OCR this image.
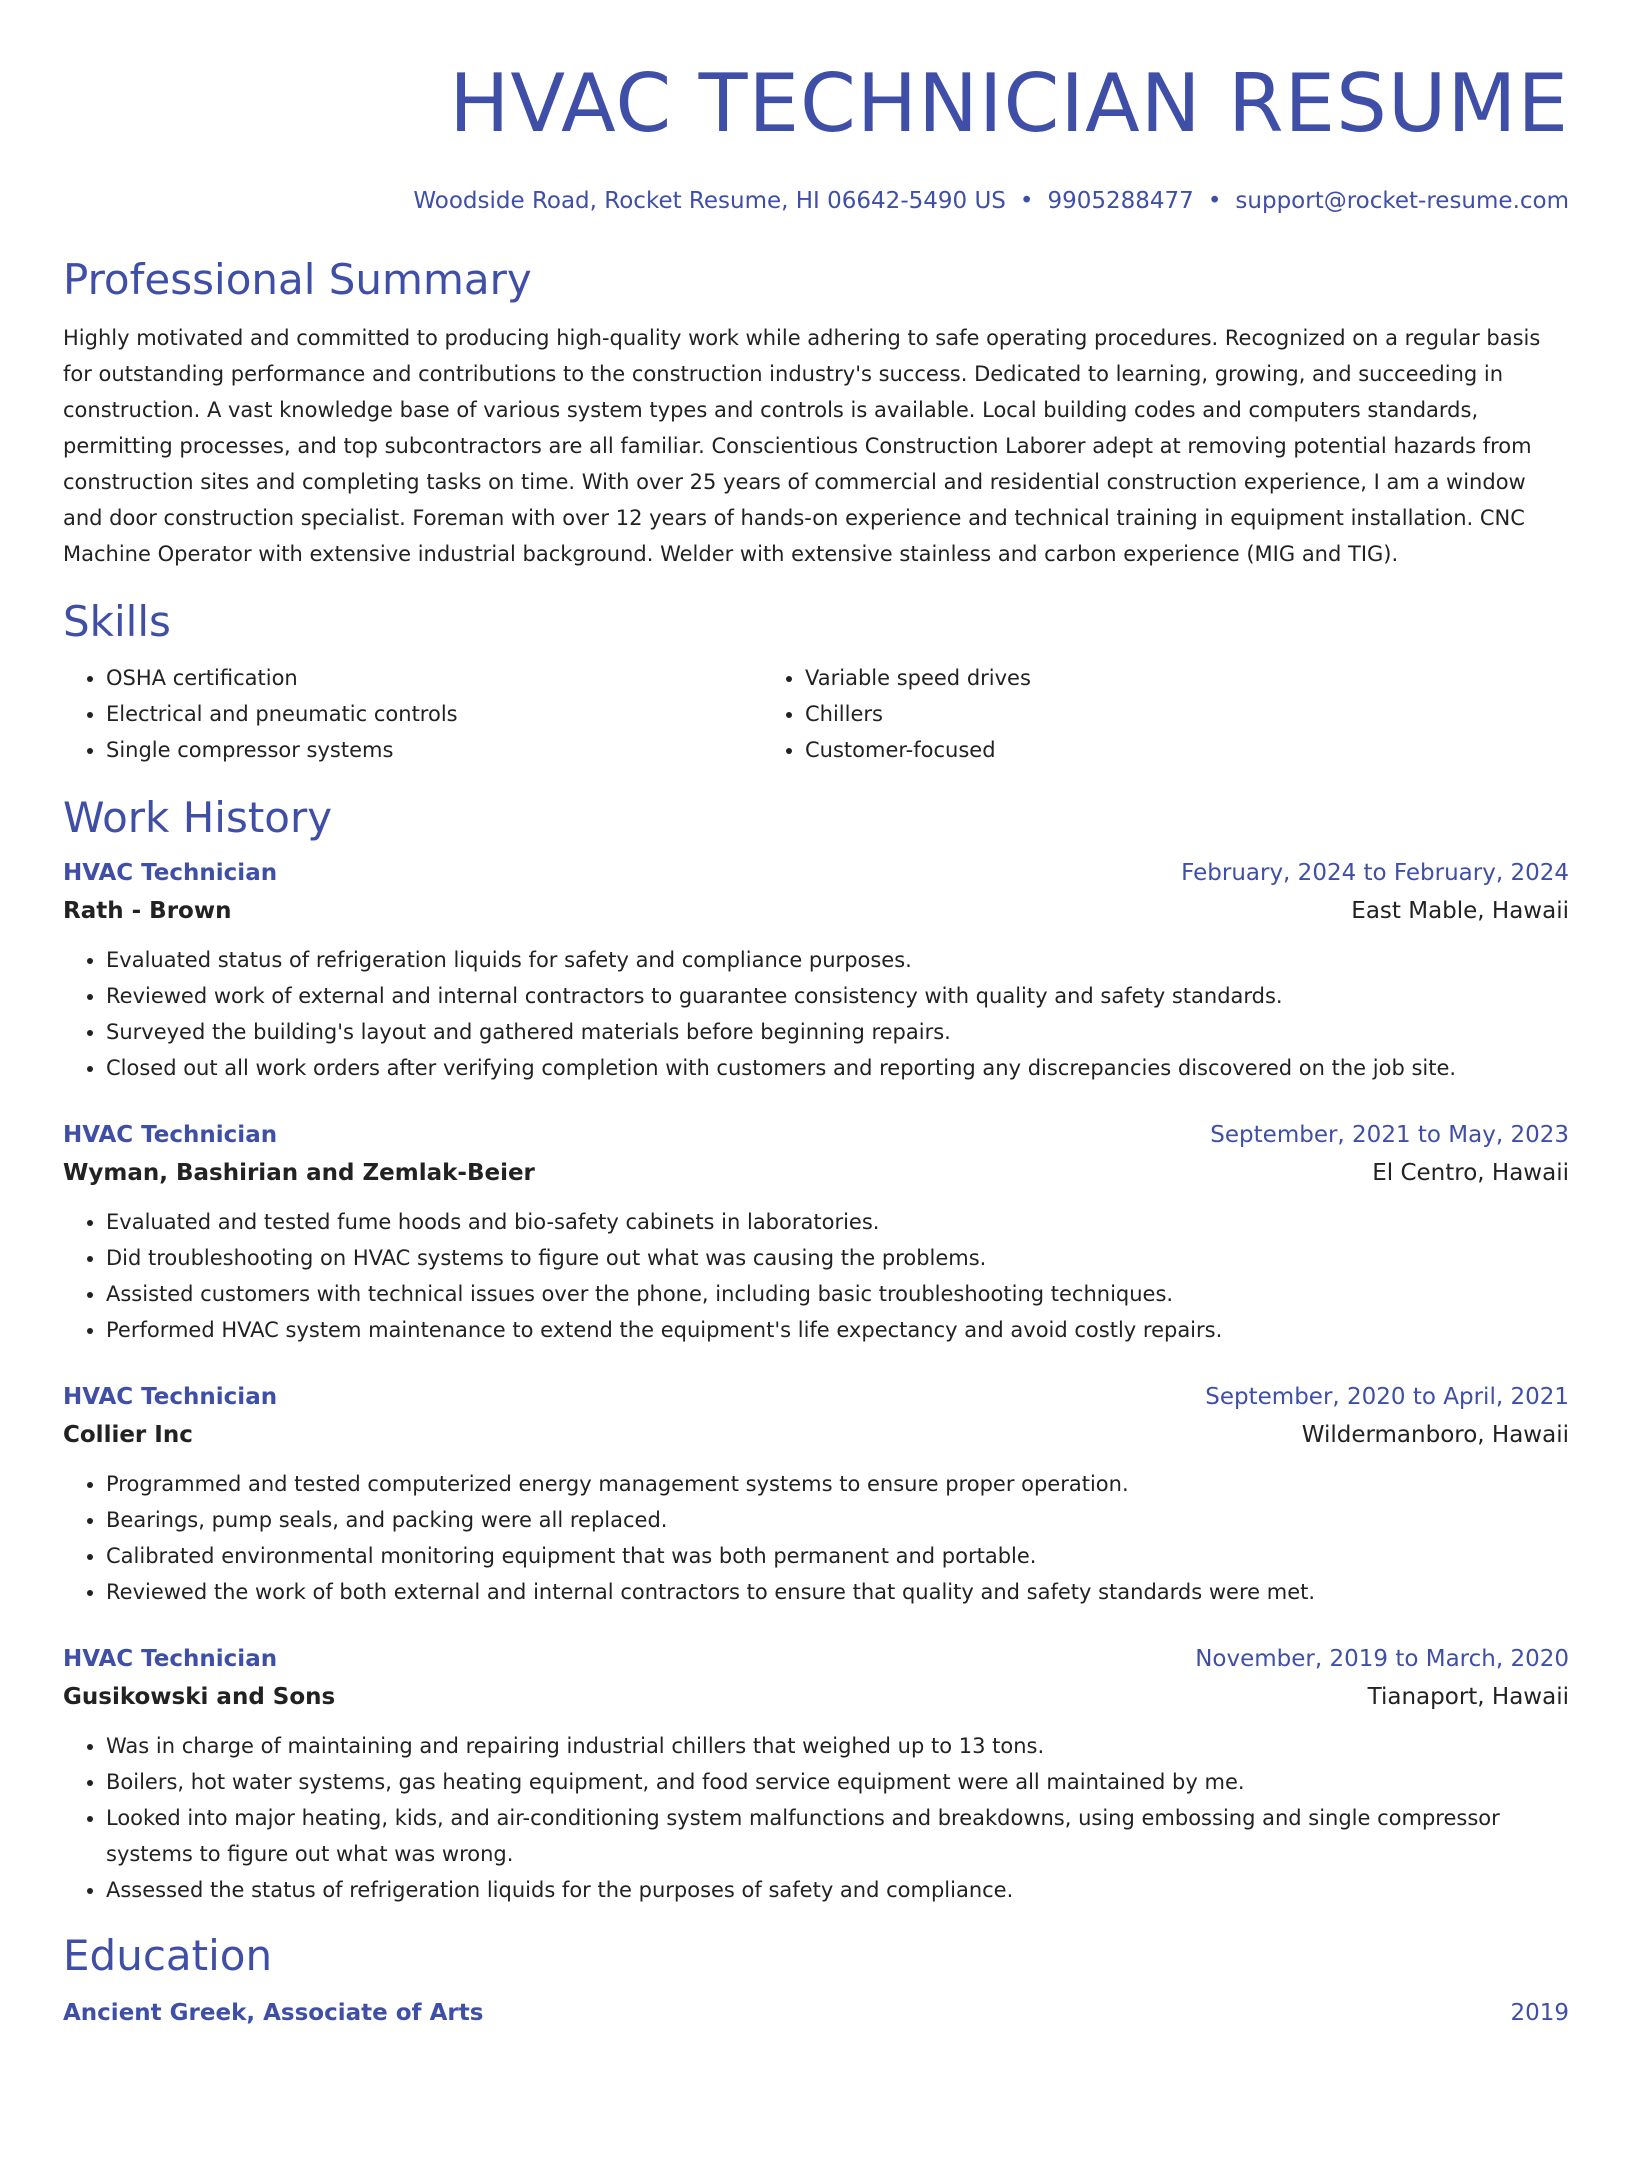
HVAC TECHNICIAN RESUME
Woodside Road, Rocket Resume, HI 06642-5490 US • 9905288477 • support@rocket-resume.com
Professional Summary
Highly motivated and committed to producing high-quality work while adhering to safe operating procedures. Recognized on a regular basis for outstanding performance and contributions to the construction industry's success. Dedicated to learning, growing, and succeeding in construction. A vast knowledge base of various system types and controls is available. Local building codes and computers standards, permitting processes, and top subcontractors are all familiar. Conscientious Construction Laborer adept at removing potential hazards from construction sites and completing tasks on time. With over 25 years of commercial and residential construction experience, I am a window and door construction specialist. Foreman with over 12 years of hands-on experience and technical training in equipment installation. CNC Machine Operator with extensive industrial background. Welder with extensive stainless and carbon experience (MIG and TIG).
Skills
• OSHA certification
• Electrical and pneumatic controls
• Single compressor systems
• Variable speed drives
• Chillers
• Customer-focused
Work History
HVAC Technician	February, 2024 to February, 2024
Rath - Brown	East Mable, Hawaii
• Evaluated status of refrigeration liquids for safety and compliance purposes.
• Reviewed work of external and internal contractors to guarantee consistency with quality and safety standards.
• Surveyed the building's layout and gathered materials before beginning repairs.
• Closed out all work orders after verifying completion with customers and reporting any discrepancies discovered on the job site.
HVAC Technician	September, 2021 to May, 2023
Wyman, Bashirian and Zemlak-Beier	El Centro, Hawaii
• Evaluated and tested fume hoods and bio-safety cabinets in laboratories.
• Did troubleshooting on HVAC systems to figure out what was causing the problems.
• Assisted customers with technical issues over the phone, including basic troubleshooting techniques.
• Performed HVAC system maintenance to extend the equipment's life expectancy and avoid costly repairs.
HVAC Technician	September, 2020 to April, 2021
Collier Inc	Wildermanboro, Hawaii
• Programmed and tested computerized energy management systems to ensure proper operation.
• Bearings, pump seals, and packing were all replaced.
• Calibrated environmental monitoring equipment that was both permanent and portable.
• Reviewed the work of both external and internal contractors to ensure that quality and safety standards were met.
HVAC Technician	November, 2019 to March, 2020
Gusikowski and Sons	Tianaport, Hawaii
• Was in charge of maintaining and repairing industrial chillers that weighed up to 13 tons.
• Boilers, hot water systems, gas heating equipment, and food service equipment were all maintained by me.
• Looked into major heating, kids, and air-conditioning system malfunctions and breakdowns, using embossing and single compressor systems to figure out what was wrong.
• Assessed the status of refrigeration liquids for the purposes of safety and compliance.
Education
Ancient Greek, Associate of Arts	2019
